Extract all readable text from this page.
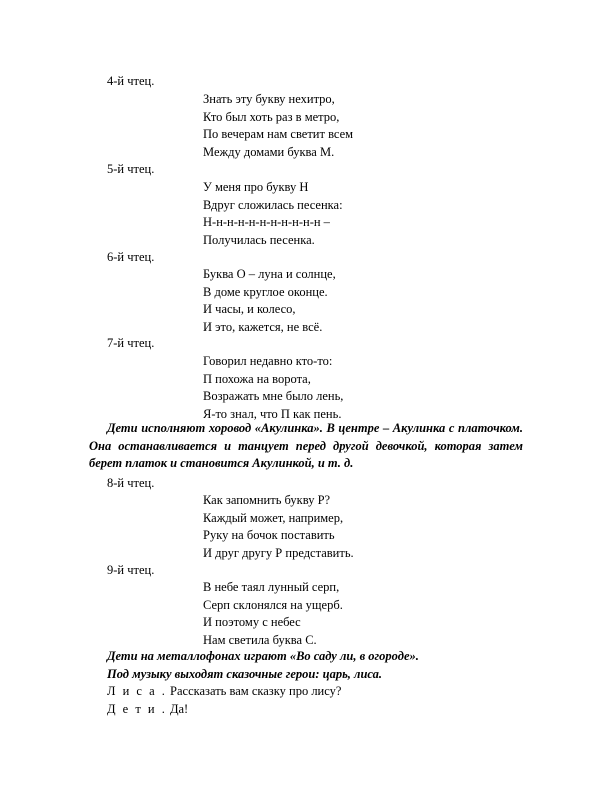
4-й чтец.
Знать эту букву нехитро,
Кто был хоть раз в метро,
По вечерам нам светит всем
Между домами буква М.
5-й чтец.
У меня про букву Н
Вдруг сложилась песенка:
Н-н-н-н-н-н-н-н-н-н-н –
Получилась песенка.
6-й чтец.
Буква О – луна и солнце,
В доме круглое оконце.
И часы, и колесо,
И это, кажется, не всё.
7-й чтец.
Говорил недавно кто-то:
П похожа на ворота,
Возражать мне было лень,
Я-то знал, что П как пень.
Дети исполняют хоровод «Акулинка». В центре – Акулинка с платочком. Она останавливается и танцует перед другой девочкой, которая затем берет платок и становится Акулинкой, и т. д.
8-й чтец.
Как запомнить букву Р?
Каждый может, например,
Руку на бочок поставить
И друг другу Р представить.
9-й чтец.
В небе таял лунный серп,
Серп склонялся на ущерб.
И поэтому с небес
Нам светила буква С.
Дети на металлофонах играют «Во саду ли, в огороде».
Под музыку выходят сказочные герои: царь, лиса.
Л и с а . Рассказать вам сказку про лису?
Д е т и . Да!
